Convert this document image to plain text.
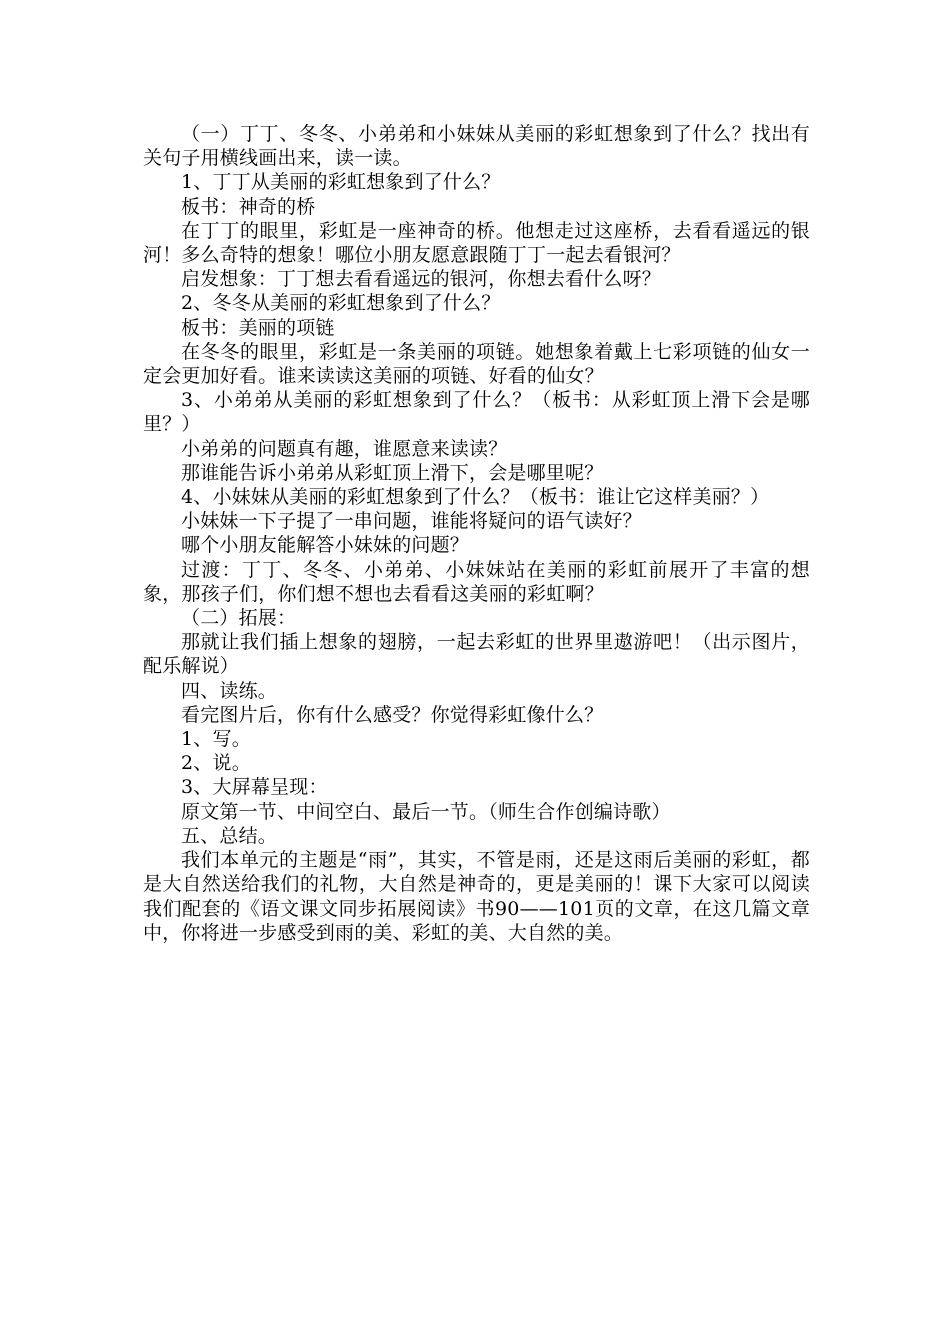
（一）丁丁、冬冬、小弟弟和小妹妹从美丽的彩虹想象到了什么？找出有关句子用横线画出来，读一读。

1、丁丁从美丽的彩虹想象到了什么？

板书：神奇的桥

在丁丁的眼里，彩虹是一座神奇的桥。他想走过这座桥，去看看遥远的银河！多么奇特的想象！哪位小朋友愿意跟随丁丁一起去看银河？

启发想象：丁丁想去看看遥远的银河，你想去看什么呀？

2、冬冬从美丽的彩虹想象到了什么？

板书：美丽的项链

在冬冬的眼里，彩虹是一条美丽的项链。她想象着戴上七彩项链的仙女一定会更加好看。谁来读读这美丽的项链、好看的仙女？

3、小弟弟从美丽的彩虹想象到了什么？（板书：从彩虹顶上滑下会是哪里？）

小弟弟的问题真有趣，谁愿意来读读？

那谁能告诉小弟弟从彩虹顶上滑下，会是哪里呢？

4、小妹妹从美丽的彩虹想象到了什么？（板书：谁让它这样美丽？）

小妹妹一下子提了一串问题，谁能将疑问的语气读好？

哪个小朋友能解答小妹妹的问题？

过渡：丁丁、冬冬、小弟弟、小妹妹站在美丽的彩虹前展开了丰富的想象，那孩子们，你们想不想也去看看这美丽的彩虹啊？

（二）拓展：

那就让我们插上想象的翅膀，一起去彩虹的世界里遨游吧！（出示图片，配乐解说）

四、读练。

看完图片后，你有什么感受？你觉得彩虹像什么？

1、写。

2、说。

3、大屏幕呈现：

原文第一节、中间空白、最后一节。（师生合作创编诗歌）

五、总结。

我们本单元的主题是“雨”，其实，不管是雨，还是这雨后美丽的彩虹，都是大自然送给我们的礼物，大自然是神奇的，更是美丽的！课下大家可以阅读我们配套的《语文课文同步拓展阅读》书90——101页的文章，在这几篇文章中，你将进一步感受到雨的美、彩虹的美、大自然的美。
